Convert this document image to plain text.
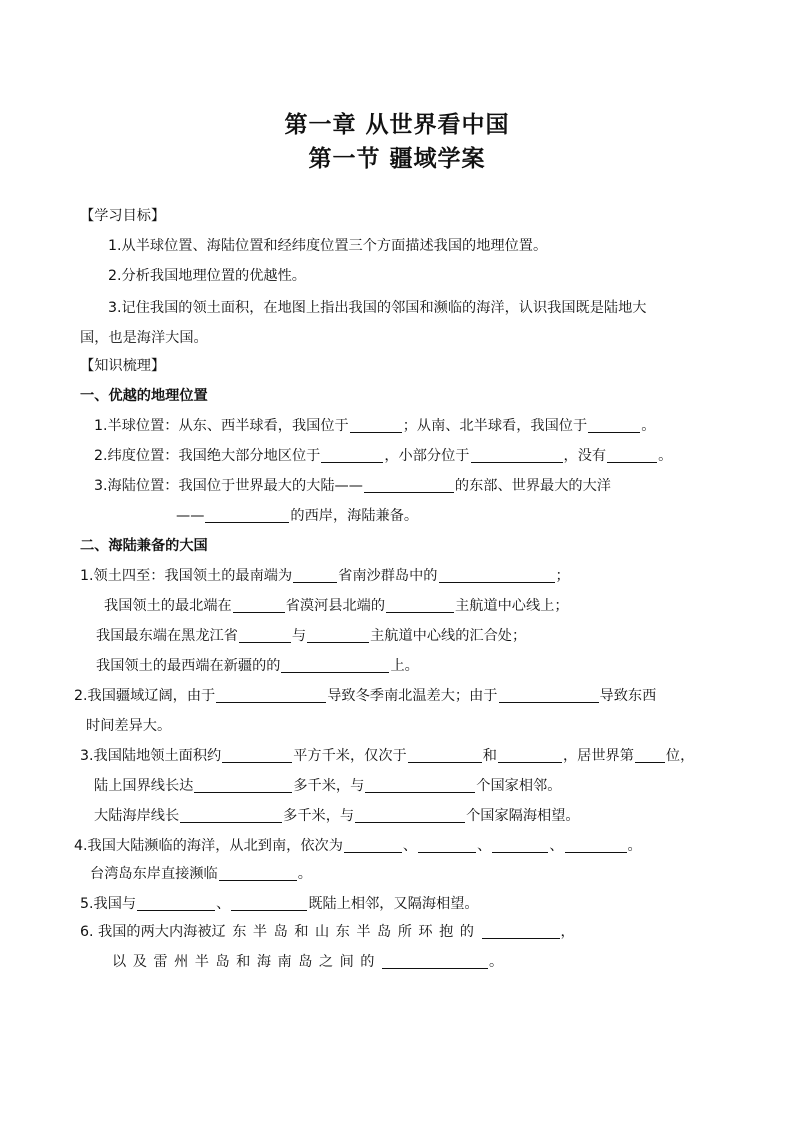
第一章 从世界看中国
第一节 疆域学案
【学习目标】
1.从半球位置、海陆位置和经纬度位置三个方面描述我国的地理位置。
2.分析我国地理位置的优越性。
3.记住我国的领土面积，在地图上指出我国的邻国和濒临的海洋，认识我国既是陆地大
国，也是海洋大国。
【知识梳理】
一、优越的地理位置
1.半球位置：从东、西半球看，我国位于	；从南、北半球看，我国位于	。
2.纬度位置：我国绝大部分地区位于	，小部分位于	，没有	。
3.海陆位置：我国位于世界最大的大陆——	的东部、世界最大的大洋
——	的西岸，海陆兼备。
二、海陆兼备的大国
1.领土四至：我国领土的最南端为	省南沙群岛中的	；
我国领土的最北端在	省漠河县北端的	主航道中心线上；
我国最东端在黑龙江省	与	主航道中心线的汇合处；
我国领土的最西端在新疆的的	上。
2.我国疆域辽阔，由于	导致冬季南北温差大；由于	导致东西
时间差异大。
3.我国陆地领土面积约	平方千米，仅次于	和	，居世界第 位，
陆上国界线长达	多千米，与	个国家相邻。
大陆海岸线长	多千米，与	个国家隔海相望。
4.我国大陆濒临的海洋，从北到南，依次为	、	、	、	。
台湾岛东岸直接濒临	。
5.我国与	、	既陆上相邻，又隔海相望。
6. 我国的两大内海被辽东半岛和山东半岛所环抱的	，
以及雷州半岛和海南岛之间的	。
